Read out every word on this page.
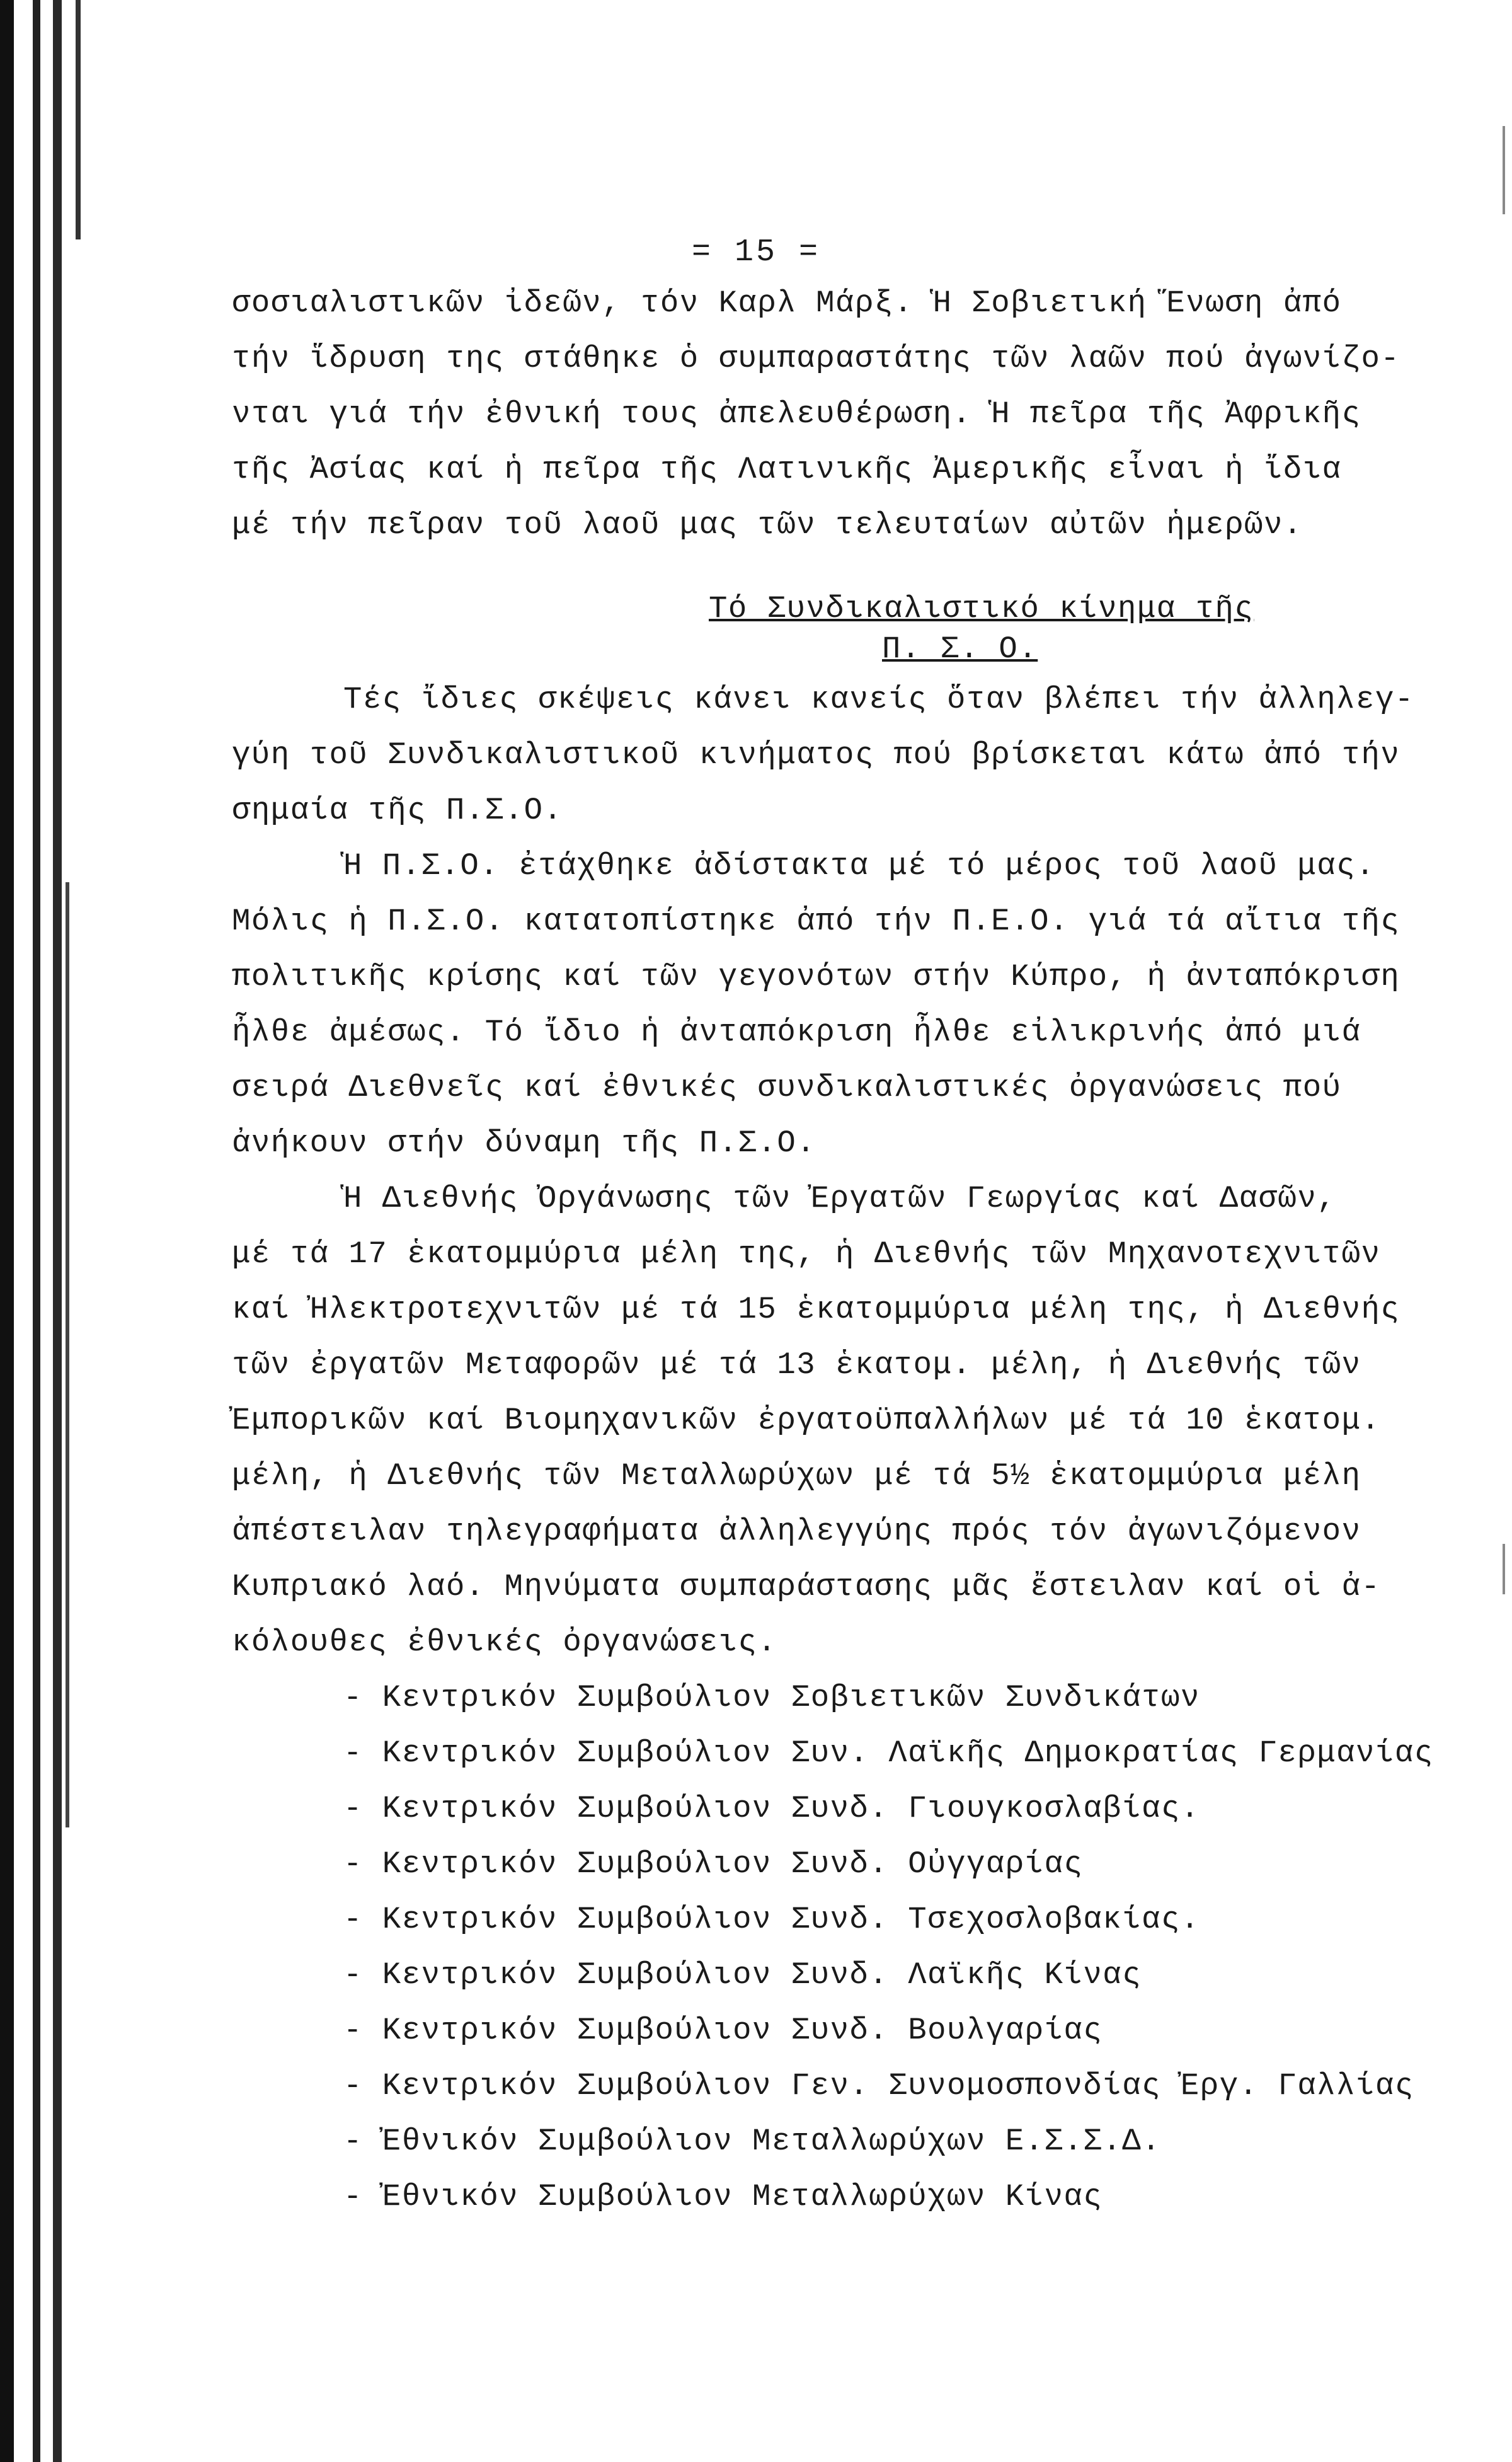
= 15 =
σοσιαλιστικῶν ἰδεῶν, τόν Καρλ Μάρξ. Ἡ Σοβιετική Ἕνωση ἀπό
τήν ἵδρυση της στάθηκε ὁ συμπαραστάτης τῶν λαῶν πού ἀγωνίζο-
νται γιά τήν ἐθνική τους ἀπελευθέρωση. Ἡ πεῖρα τῆς Ἀφρικῆς
τῆς Ἀσίας καί ἡ πεῖρα τῆς Λατινικῆς Ἀμερικῆς εἶναι ἡ ἴδια
μέ τήν πεῖραν τοῦ λαοῦ μας τῶν τελευταίων αὐτῶν ἡμερῶν.
Τό Συνδικαλιστικό κίνημα τῆς
Π. Σ. Ο.
Τές ἴδιες σκέψεις κάνει κανείς ὅταν βλέπει τήν ἀλληλεγ-
γύη τοῦ Συνδικαλιστικοῦ κινήματος πού βρίσκεται κάτω ἀπό τήν
σημαία τῆς Π.Σ.Ο.
Ἡ Π.Σ.Ο. ἐτάχθηκε ἀδίστακτα μέ τό μέρος τοῦ λαοῦ μας.
Μόλις ἡ Π.Σ.Ο. κατατοπίστηκε ἀπό τήν Π.Ε.Ο. γιά τά αἴτια τῆς
πολιτικῆς κρίσης καί τῶν γεγονότων στήν Κύπρο, ἡ ἀνταπόκριση
ἦλθε ἀμέσως. Τό ἴδιο ἡ ἀνταπόκριση ἦλθε εἰλικρινής ἀπό μιά
σειρά Διεθνεῖς καί ἐθνικές συνδικαλιστικές ὀργανώσεις πού
ἀνήκουν στήν δύναμη τῆς Π.Σ.Ο.
Ἡ Διεθνής Ὀργάνωσης τῶν Ἐργατῶν Γεωργίας καί Δασῶν,
μέ τά 17 ἑκατομμύρια μέλη της, ἡ Διεθνής τῶν Μηχανοτεχνιτῶν
καί Ἠλεκτροτεχνιτῶν μέ τά 15 ἑκατομμύρια μέλη της, ἡ Διεθνής
τῶν ἐργατῶν Μεταφορῶν μέ τά 13 ἑκατομ. μέλη, ἡ Διεθνής τῶν
Ἐμπορικῶν καί Βιομηχανικῶν ἐργατοϋπαλλήλων μέ τά 10 ἑκατομ.
μέλη, ἡ Διεθνής τῶν Μεταλλωρύχων μέ τά 5½ ἑκατομμύρια μέλη
ἀπέστειλαν τηλεγραφήματα ἀλληλεγγύης πρός τόν ἀγωνιζόμενον
Κυπριακό λαό. Μηνύματα συμπαράστασης μᾶς ἔστειλαν καί οἱ ἀ-
κόλουθες ἐθνικές ὀργανώσεις.
- Κεντρικόν Συμβούλιον Σοβιετικῶν Συνδικάτων
- Κεντρικόν Συμβούλιον Συν. Λαϊκῆς Δημοκρατίας Γερμανίας
- Κεντρικόν Συμβούλιον Συνδ. Γιουγκοσλαβίας.
- Κεντρικόν Συμβούλιον Συνδ. Οὐγγαρίας
- Κεντρικόν Συμβούλιον Συνδ. Τσεχοσλοβακίας.
- Κεντρικόν Συμβούλιον Συνδ. Λαϊκῆς Κίνας
- Κεντρικόν Συμβούλιον Συνδ. Βουλγαρίας
- Κεντρικόν Συμβούλιον Γεν. Συνομοσπονδίας Ἐργ. Γαλλίας
- Ἐθνικόν Συμβούλιον Μεταλλωρύχων Ε.Σ.Σ.Δ.
- Ἐθνικόν Συμβούλιον Μεταλλωρύχων Κίνας
